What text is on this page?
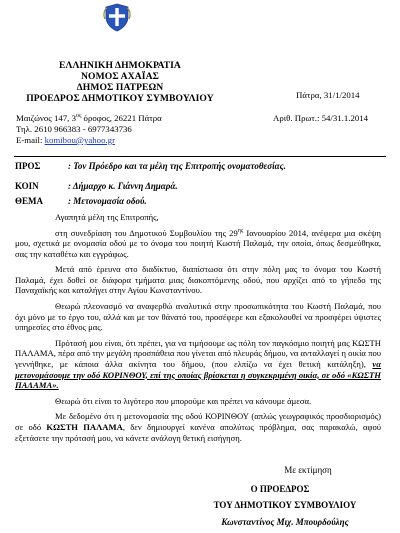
ΕΛΛΗΝΙΚΗ ΔΗΜΟΚΡΑΤΙΑ
ΝΟΜΟΣ ΑΧΑΪΑΣ
ΔΗΜΟΣ ΠΑΤΡΕΩΝ
ΠΡΟΕΔΡΟΣ ΔΗΜΟΤΙΚΟΥ ΣΥΜΒΟΥΛΙΟΥ
Μαιζώνος 147, $3^{o\varsigma}$ όροφος, 26221 Πάτρα
Τηλ. 2610 966383 - 6977343736
E-mail: komibou@yahoo.gr
Πάτρα, 31/1/2014
Αριθ. Πρωτ.: 54/31.1.2014
ΠΡΟΣ	: Τον Πρόεδρο και τα μέλη της Επιτροπής ονοματοθεσίας.
ΚΟΙΝ	: Δήμαρχο κ. Γιάννη Δημαρά.
ΘΕΜΑ	: Μετονομασία οδού.

Αγαπητά μέλη της Επιτροπής,

στη συνεδρίαση του Δημοτικού Συμβουλίου της $29^{\eta\varsigma}$ Ιανουαρίου 2014, ανέφερα μια σκέψη μου, σχετικά με ονομασία οδού με το όνομα του ποιητή Κωστή Παλαμά, την οποία, όπως δεσμεύθηκα, σας την καταθέτω και εγγράφως.

Μετά από έρευνα στο διαδίκτυο, διαπίστωσα ότι στην πόλη μας το όνομα του Κωστή Παλαμά, έχει δοθεί σε διάφορα τμήματα μιας διακοπτόμενης οδού, που αρχίζει από το γήπεδο της Παναχαϊκής και καταλήγει στην Αγίου Κωνσταντίνου.

Θεωρώ πλεονασμό να αναφερθώ αναλυτικά στην προσωπικότητα του Κωστή Παλαμά, που όχι μόνο με το έργο του, αλλά και με τον θάνατό του, προσέφερε και εξακολουθεί να προσφέρει ύψιστες υπηρεσίες στο έθνος μας.

Πρότασή μου είναι, ότι πρέπει, για να τιμήσουμε ως πόλη τον παγκόσμιο ποιητή μας ΚΩΣΤΗ ΠΑΛΑΜΑ, πέρα από την μεγάλη προσπάθεια που γίνεται από πλευράς δήμου, να ανταλλαγεί η οικία που γεννήθηκε, με κάποια άλλα ακίνητα του δήμου, (που ελπίζω να έχει θετική κατάληξη), να μετονομάσουμε την οδό ΚΟΡΙΝΘΟΥ, επί της οποίας βρίσκεται η συγκεκριμένη οικία, σε οδό «ΚΩΣΤΗ ΠΑΛΑΜΑ».

Θεωρώ ότι είναι το λιγότερο που μπορούμε και πρέπει να κάνουμε άμεσα.

Με δεδομένο ότι η μετονομασία της οδού ΚΟΡΙΝΘΟΥ (απλώς γεωγραφικός προσδιορισμός) σε οδό ΚΩΣΤΗ ΠΑΛΑΜΑ, δεν δημιουργεί κανένα απολύτως πρόβλημα, σας παρακαλώ, αφού εξετάσετε την πρότασή μου, να κάνετε ανάλογη θετική εισήγηση.

Με εκτίμηση
Ο ΠΡΟΕΔΡΟΣ
ΤΟΥ ΔΗΜΟΤΙΚΟΥ ΣΥΜΒΟΥΛΙΟΥ
Κωνσταντίνος Μιχ. Μπουρδούλης
